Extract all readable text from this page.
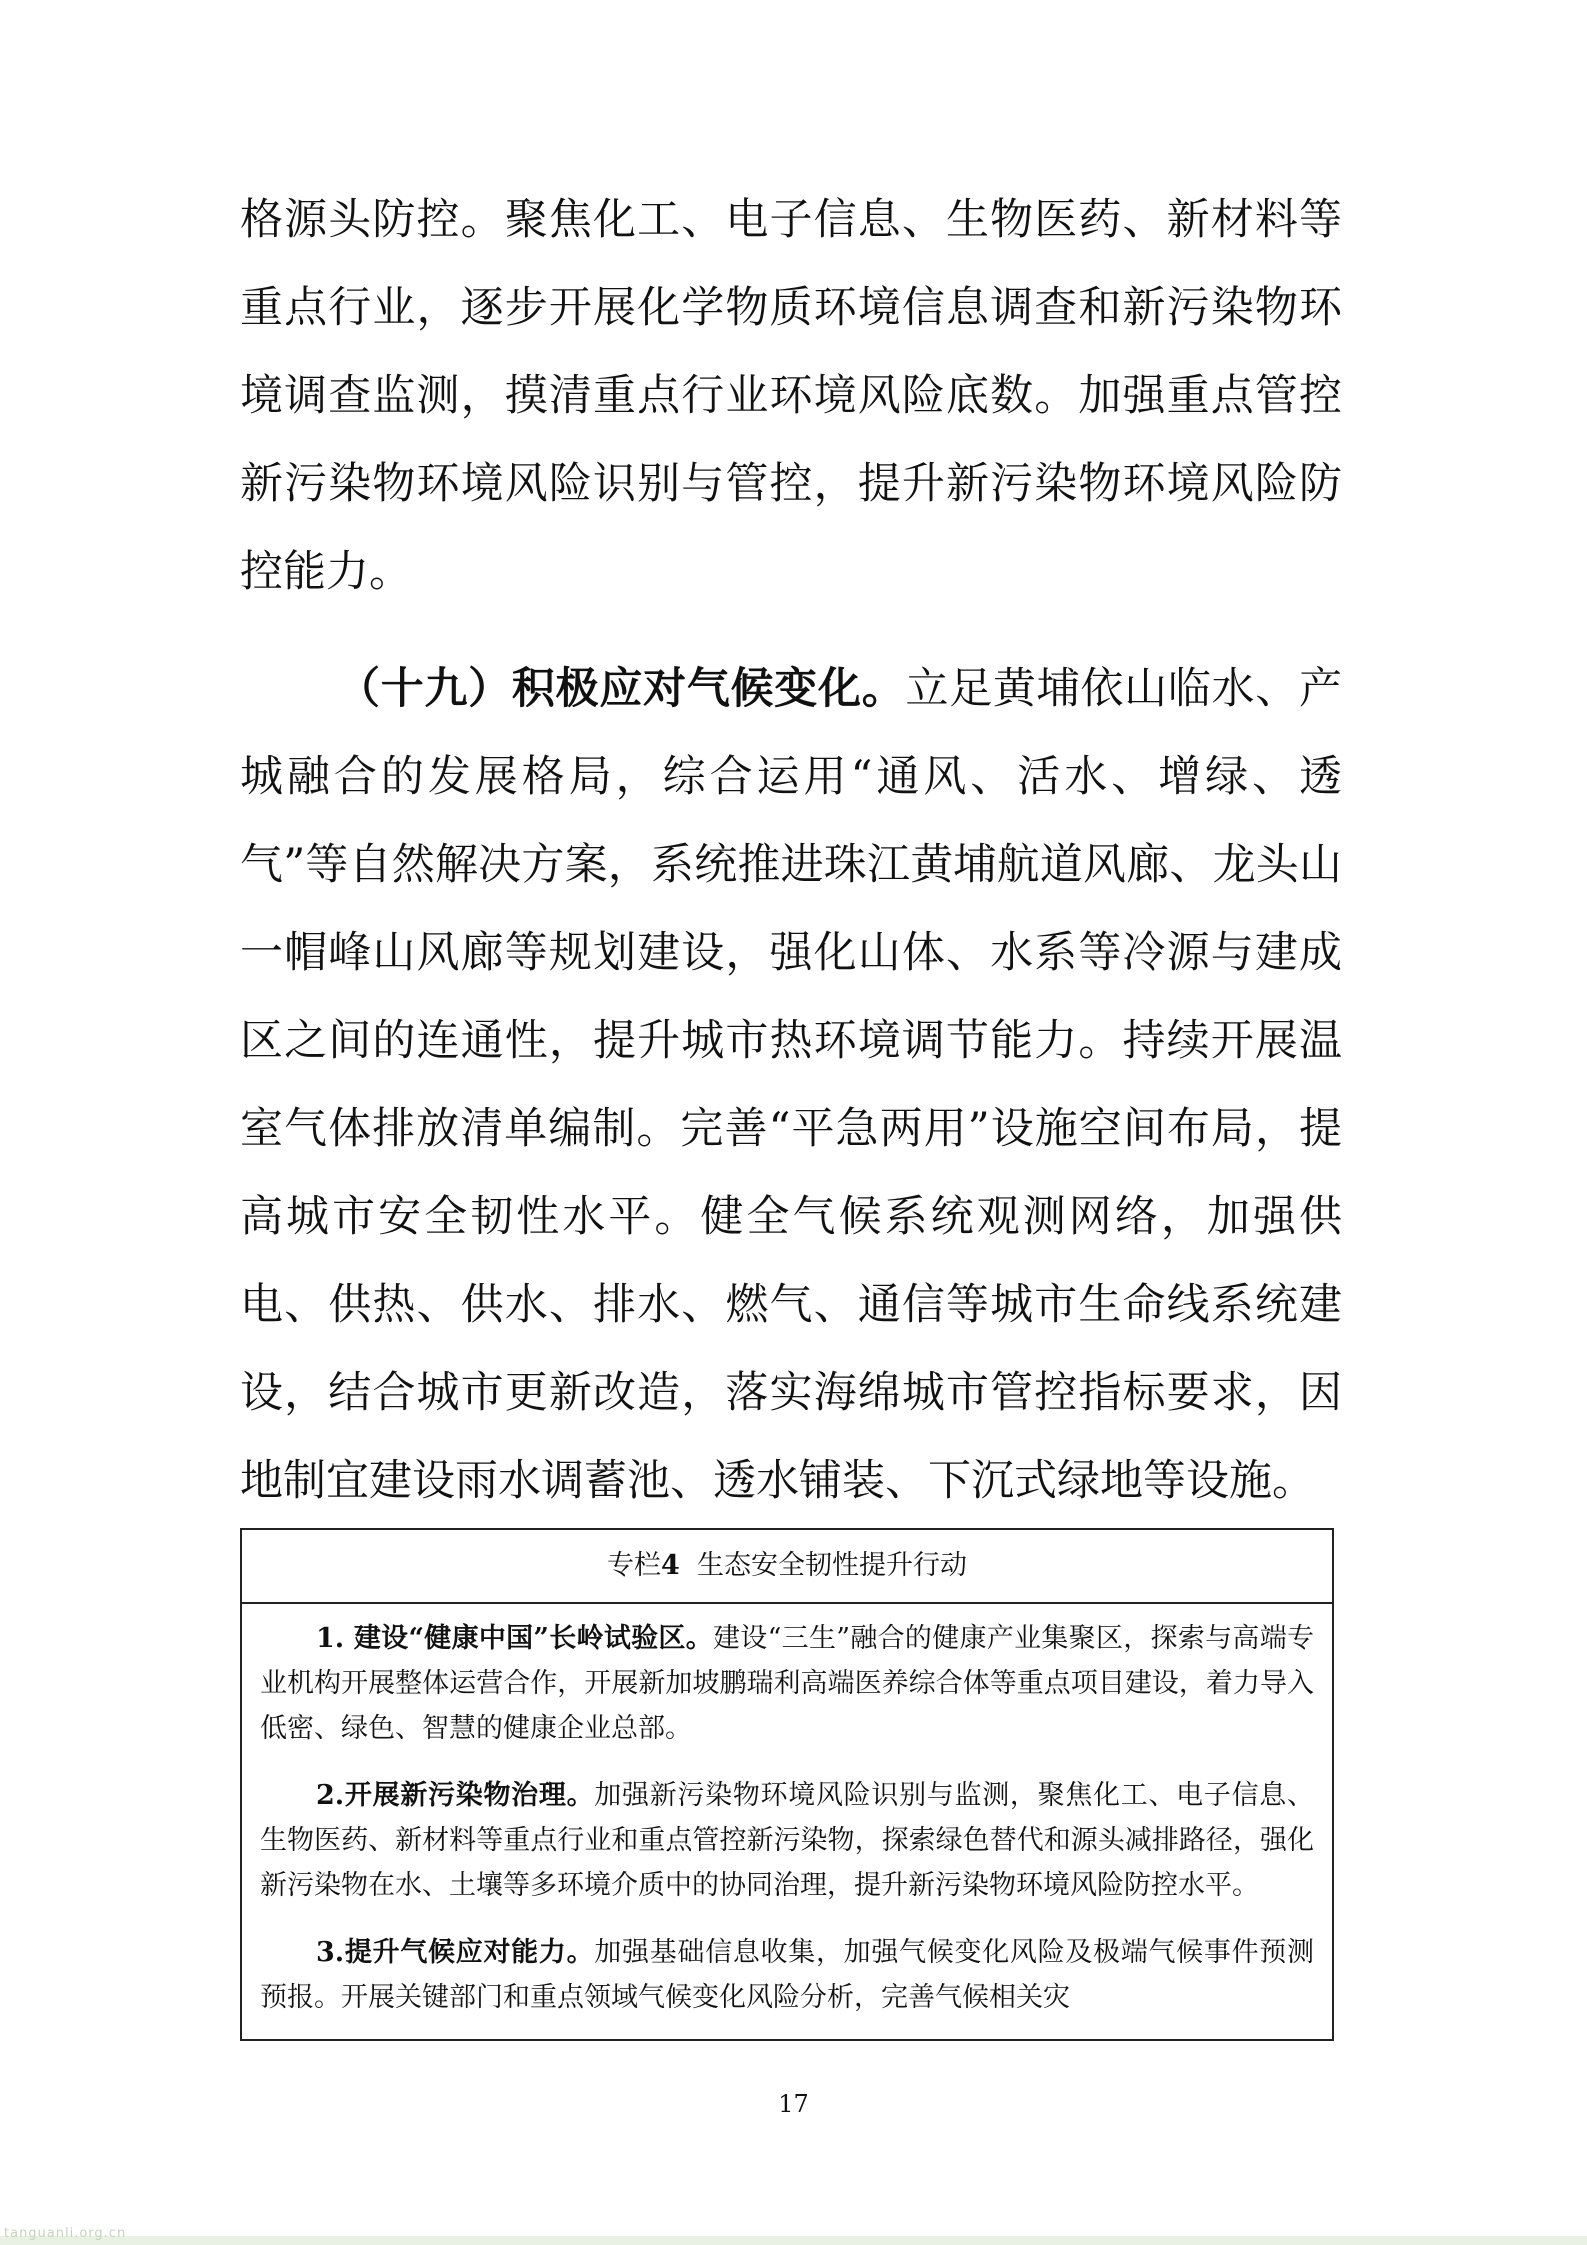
格源头防控。聚焦化工、电子信息、生物医药、新材料等重点行业，逐步开展化学物质环境信息调查和新污染物环境调查监测，摸清重点行业环境风险底数。加强重点管控新污染物环境风险识别与管控，提升新污染物环境风险防控能力。

（十九）积极应对气候变化。立足黄埔依山临水、产城融合的发展格局，综合运用“通风、活水、增绿、透气”等自然解决方案，系统推进珠江黄埔航道风廊、龙头山一帽峰山风廊等规划建设，强化山体、水系等冷源与建成区之间的连通性，提升城市热环境调节能力。持续开展温室气体排放清单编制。完善“平急两用”设施空间布局，提高城市安全韧性水平。健全气候系统观测网络，加强供电、供热、供水、排水、燃气、通信等城市生命线系统建设，结合城市更新改造，落实海绵城市管控指标要求，因地制宜建设雨水调蓄池、透水铺装、下沉式绿地等设施。

专栏4 生态安全韧性提升行动

1. 建设“健康中国”长岭试验区。建设“三生”融合的健康产业集聚区，探索与高端专业机构开展整体运营合作，开展新加坡鹏瑞利高端医养综合体等重点项目建设，着力导入低密、绿色、智慧的健康企业总部。

2.开展新污染物治理。加强新污染物环境风险识别与监测，聚焦化工、电子信息、生物医药、新材料等重点行业和重点管控新污染物，探索绿色替代和源头减排路径，强化新污染物在水、土壤等多环境介质中的协同治理，提升新污染物环境风险防控水平。

3.提升气候应对能力。加强基础信息收集，加强气候变化风险及极端气候事件预测预报。开展关键部门和重点领域气候变化风险分析，完善气候相关灾

17
tanguanli.org.cn
